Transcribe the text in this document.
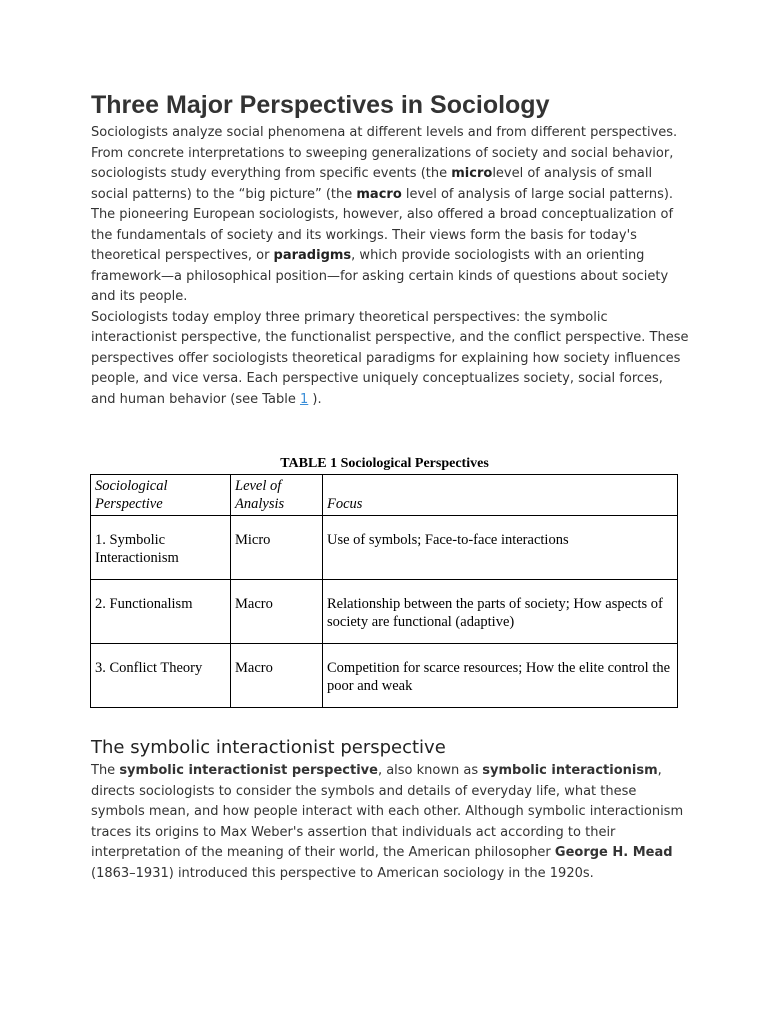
Three Major Perspectives in Sociology

Sociologists analyze social phenomena at different levels and from different perspectives. From concrete interpretations to sweeping generalizations of society and social behavior, sociologists study everything from specific events (the microlevel of analysis of small social patterns) to the “big picture” (the macro level of analysis of large social patterns).

The pioneering European sociologists, however, also offered a broad conceptualization of the fundamentals of society and its workings. Their views form the basis for today's theoretical perspectives, or paradigms, which provide sociologists with an orienting framework—a philosophical position—for asking certain kinds of questions about society and its people.

Sociologists today employ three primary theoretical perspectives: the symbolic interactionist perspective, the functionalist perspective, and the conflict perspective. These perspectives offer sociologists theoretical paradigms for explaining how society influences people, and vice versa. Each perspective uniquely conceptualizes society, social forces, and human behavior (see Table 1 ).

TABLE 1 Sociological Perspectives
Sociological Perspective	Level of Analysis	Focus
1. Symbolic Interactionism	Micro	Use of symbols; Face-to-face interactions
2. Functionalism	Macro	Relationship between the parts of society; How aspects of society are functional (adaptive)
3. Conflict Theory	Macro	Competition for scarce resources; How the elite control the poor and weak
The symbolic interactionist perspective

The symbolic interactionist perspective, also known as symbolic interactionism, directs sociologists to consider the symbols and details of everyday life, what these symbols mean, and how people interact with each other. Although symbolic interactionism traces its origins to Max Weber's assertion that individuals act according to their interpretation of the meaning of their world, the American philosopher George H. Mead (1863–1931) introduced this perspective to American sociology in the 1920s.
